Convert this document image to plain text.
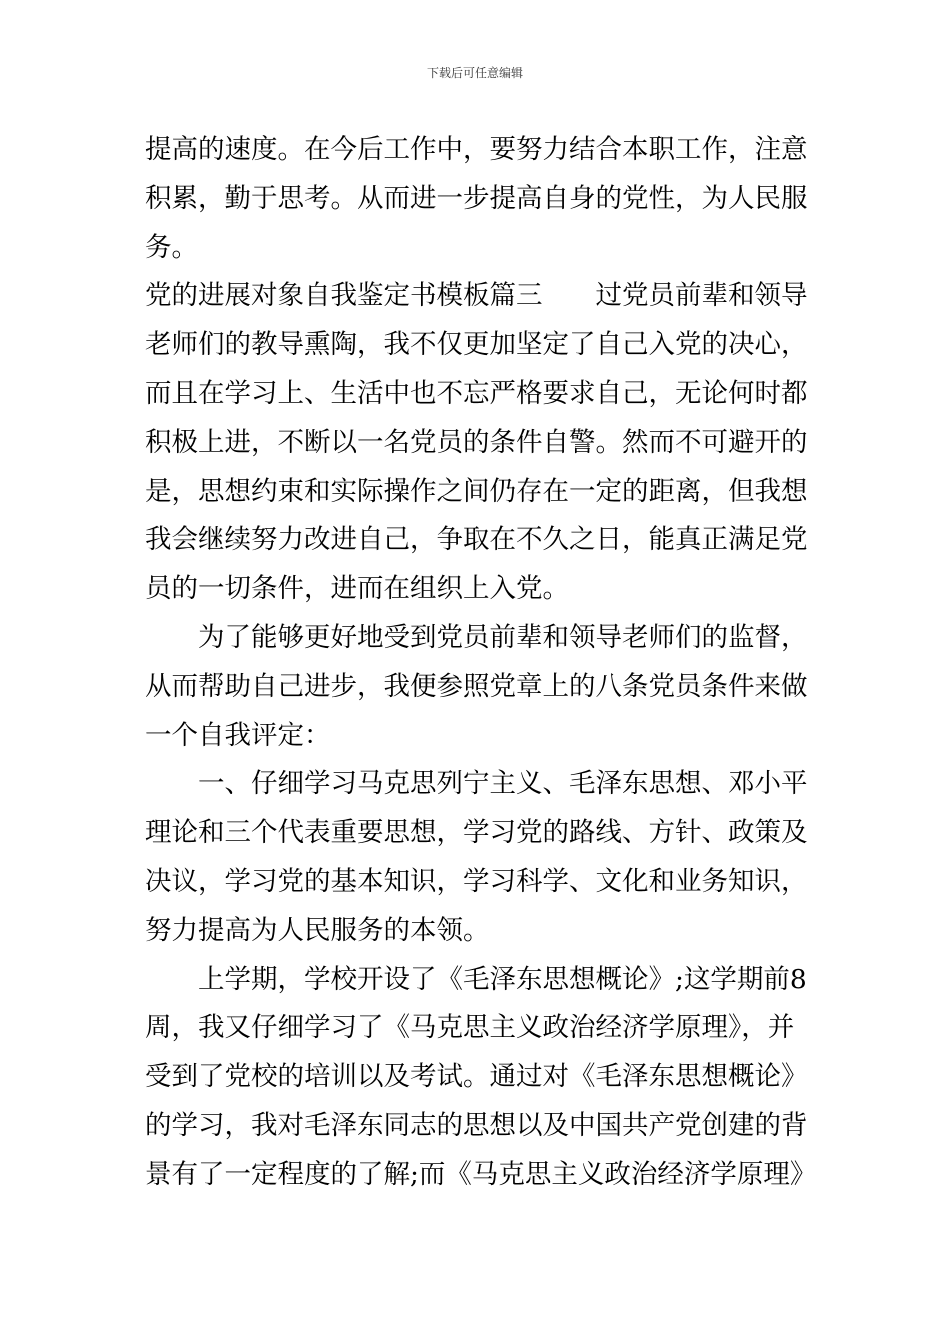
下载后可任意编辑

提高的速度。在今后工作中，要努力结合本职工作，注意

积累，勤于思考。从而进一步提高自身的党性，为人民服

务。

党的进展对象自我鉴定书模板篇三　　过党员前辈和领导

老师们的教导熏陶，我不仅更加坚定了自己入党的决心，

而且在学习上、生活中也不忘严格要求自己，无论何时都

积极上进，不断以一名党员的条件自警。然而不可避开的

是，思想约束和实际操作之间仍存在一定的距离，但我想

我会继续努力改进自己，争取在不久之日，能真正满足党

员的一切条件，进而在组织上入党。

为了能够更好地受到党员前辈和领导老师们的监督，

从而帮助自己进步，我便参照党章上的八条党员条件来做

一个自我评定：

一、仔细学习马克思列宁主义、毛泽东思想、邓小平

理论和三个代表重要思想，学习党的路线、方针、政策及

决议，学习党的基本知识，学习科学、文化和业务知识，

努力提高为人民服务的本领。

上学期，学校开设了《毛泽东思想概论》;这学期前8

周，我又仔细学习了《马克思主义政治经济学原理》，并

受到了党校的培训以及考试。通过对《毛泽东思想概论》

的学习，我对毛泽东同志的思想以及中国共产党创建的背

景有了一定程度的了解;而《马克思主义政治经济学原理》
